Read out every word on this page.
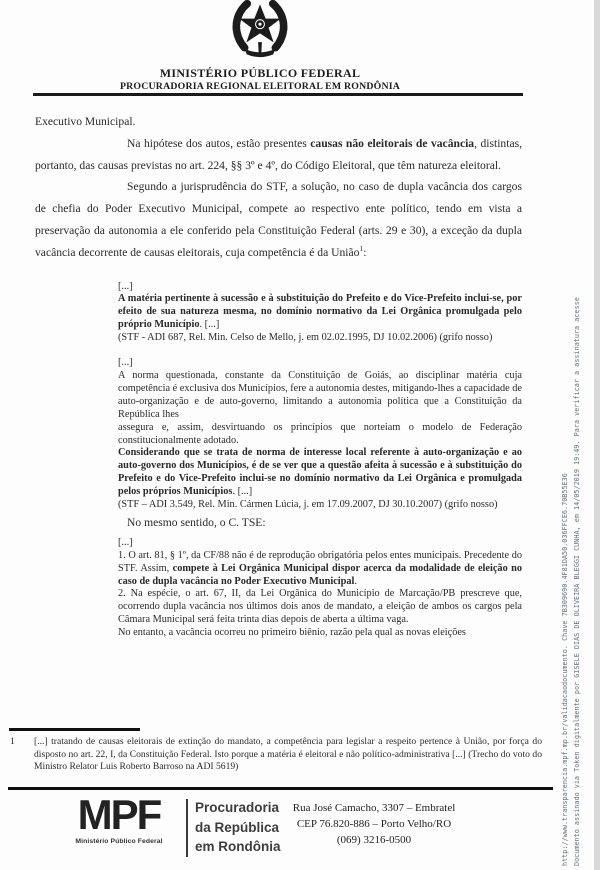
MINISTÉRIO PÚBLICO FEDERAL
PROCURADORIA REGIONAL ELEITORAL EM RONDÔNIA

Executivo Municipal.

Na hipótese dos autos, estão presentes causas não eleitorais de vacância, distintas, portanto, das causas previstas no art. 224, §§ 3º e 4º, do Código Eleitoral, que têm natureza eleitoral.

Segundo a jurisprudência do STF, a solução, no caso de dupla vacância dos cargos de chefia do Poder Executivo Municipal, compete ao respectivo ente político, tendo em vista a preservação da autonomia a ele conferido pela Constituição Federal (arts. 29 e 30), a exceção da dupla vacância decorrente de causas eleitorais, cuja competência é da União$^1$:

[...]

A matéria pertinente à sucessão e à substituição do Prefeito e do Vice-Prefeito inclui-se, por efeito de sua natureza mesma, no domínio normativo da Lei Orgânica promulgada pelo próprio Município. [...]

(STF - ADI 687, Rel. Min. Celso de Mello, j. em 02.02.1995, DJ 10.02.2006) (grifo nosso)

[...]

A norma questionada, constante da Constituição de Goiás, ao disciplinar matéria cuja competência é exclusiva dos Municípios, fere a autonomia destes, mitigando-lhes a capacidade de auto-organização e de auto-governo, limitando a autonomia política que a Constituição da República lhes

assegura e, assim, desvirtuando os princípios que norteiam o modelo de Federação constitucionalmente adotado.

Considerando que se trata de norma de interesse local referente à auto-organização e ao auto-governo dos Municípios, é de se ver que a questão afeita à sucessão e à substituição do Prefeito e do Vice-Prefeito inclui-se no domínio normativo da Lei Orgânica e promulgada pelos próprios Municípios. [...]

(STF – ADI 3.549, Rel. Min. Cármen Lúcia, j. em 17.09.2007, DJ 30.10.2007) (grifo nosso)

No mesmo sentido, o C. TSE:

[...]

1. O art. 81, § 1º, da CF/88 não é de reprodução obrigatória pelos entes municipais. Precedente do STF. Assim, compete à Lei Orgânica Municipal dispor acerca da modalidade de eleição no caso de dupla vacância no Poder Executivo Municipal.

2. Na espécie, o art. 67, II, da Lei Orgânica do Município de Marcação/PB prescreve que, ocorrendo dupla vacância nos últimos dois anos de mandato, a eleição de ambos os cargos pela Câmara Municipal será feita trinta dias depois de aberta a última vaga.

No entanto, a vacância ocorreu no primeiro biênio, razão pela qual as novas eleições

1	[...] tratando de causas eleitorais de extinção do mandato, a competência para legislar a respeito pertence à União, por força do disposto no art. 22, I, da Constituição Federal. Isto porque a matéria é eleitoral e não político-administrativa [...] (Trecho do voto do Ministro Relator Luis Roberto Barroso na ADI 5619)
MPF
Ministério Público Federal
Procuradoria
da República
em Rondônia
Rua José Camacho, 3307 – Embratel
CEP 76.820-886 – Porto Velho/RO
(069) 3216-0500	http://www.transparencia.mpf.mp.br/validacaodocumento. Chave 7B309690.4F81DA50.036FFCE6.70B55E36 Documento assinado via Token digitalmente por GISELE DIAS DE OLIVEIRA BLEGGI CUNHA, em 14/05/2019 19:49. Para verificar a assinatura acesse
